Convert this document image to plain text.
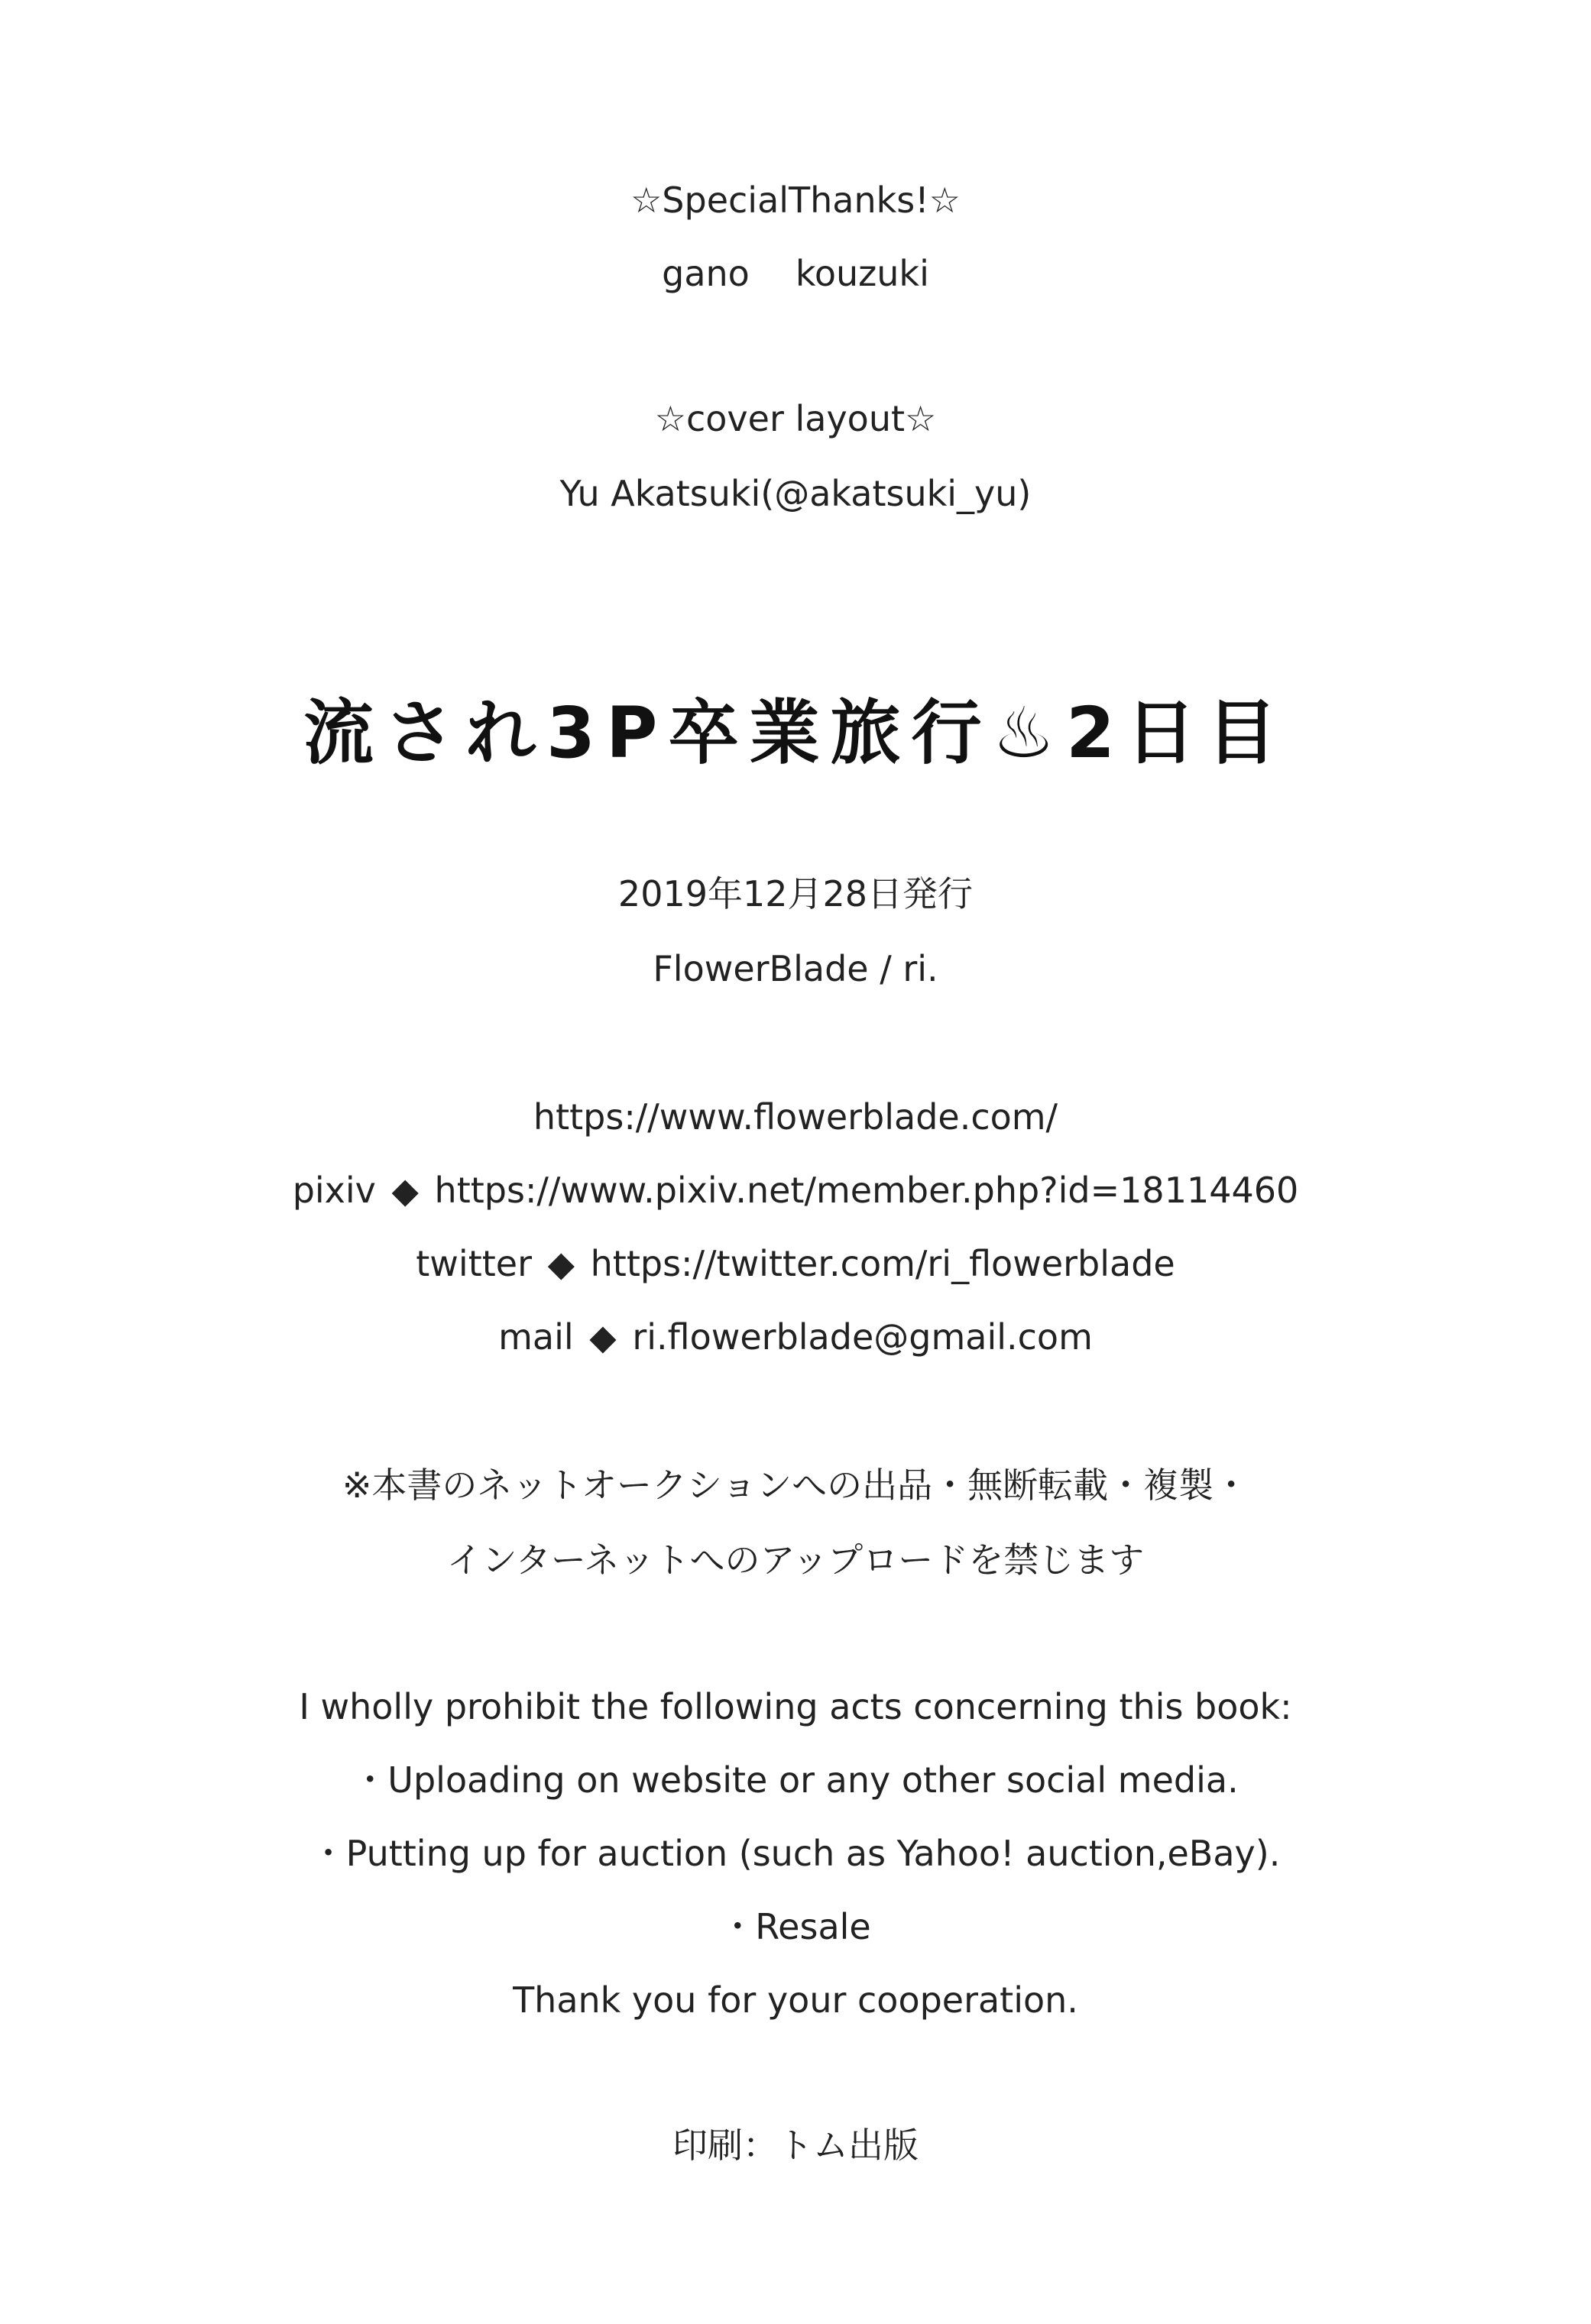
☆SpecialThanks!☆
gano kouzuki
☆cover layout☆
Yu Akatsuki(@akatsuki_yu)
流され3P卒業旅行♨2日目
2019年12月28日発行
FlowerBlade / ri.
https://www.flowerblade.com/
pixiv ◆ https://www.pixiv.net/member.php?id=18114460
twitter ◆ https://twitter.com/ri_flowerblade
mail ◆ ri.flowerblade@gmail.com
※本書のネットオークションへの出品・無断転載・複製・
インターネットへのアップロードを禁じます
I wholly prohibit the following acts concerning this book:
・Uploading on website or any other social media.
・Putting up for auction (such as Yahoo! auction,eBay).
・Resale
Thank you for your cooperation.
印刷：トム出版
